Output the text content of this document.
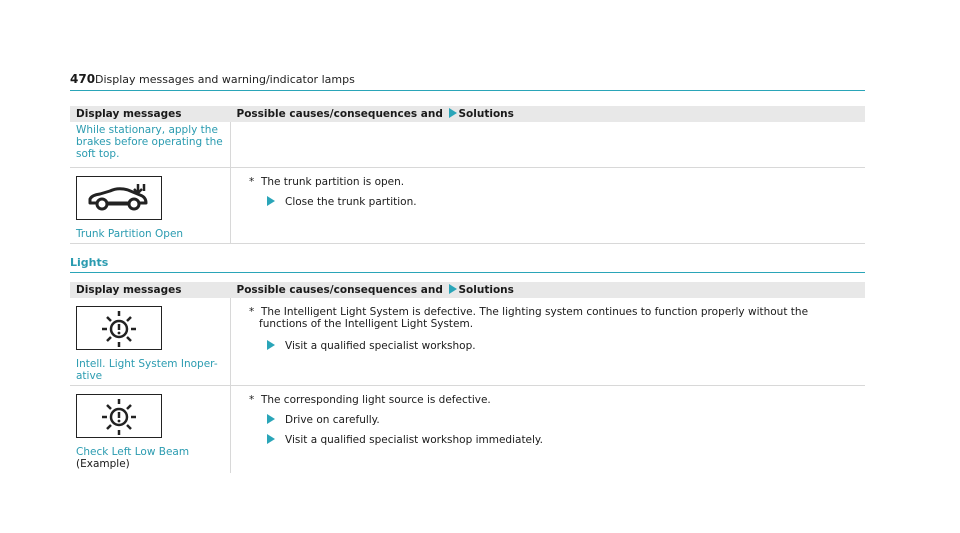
470 Display messages and warning/indicator lamps
Display messages	Possible causes/consequences and Solutions
While stationary, apply the brakes before operating the soft top.	

Trunk Partition Open	* The trunk partition is open.
Close the trunk partition.
Lights
Display messages	Possible causes/consequences and Solutions

Intell. Light System Inoper-ative	* The Intelligent Light System is defective. The lighting system continues to function properly without the functions of the Intelligent Light System.
Visit a qualified specialist workshop.

Check Left Low Beam (Example)	* The corresponding light source is defective.
Drive on carefully.
Visit a qualified specialist workshop immediately.
